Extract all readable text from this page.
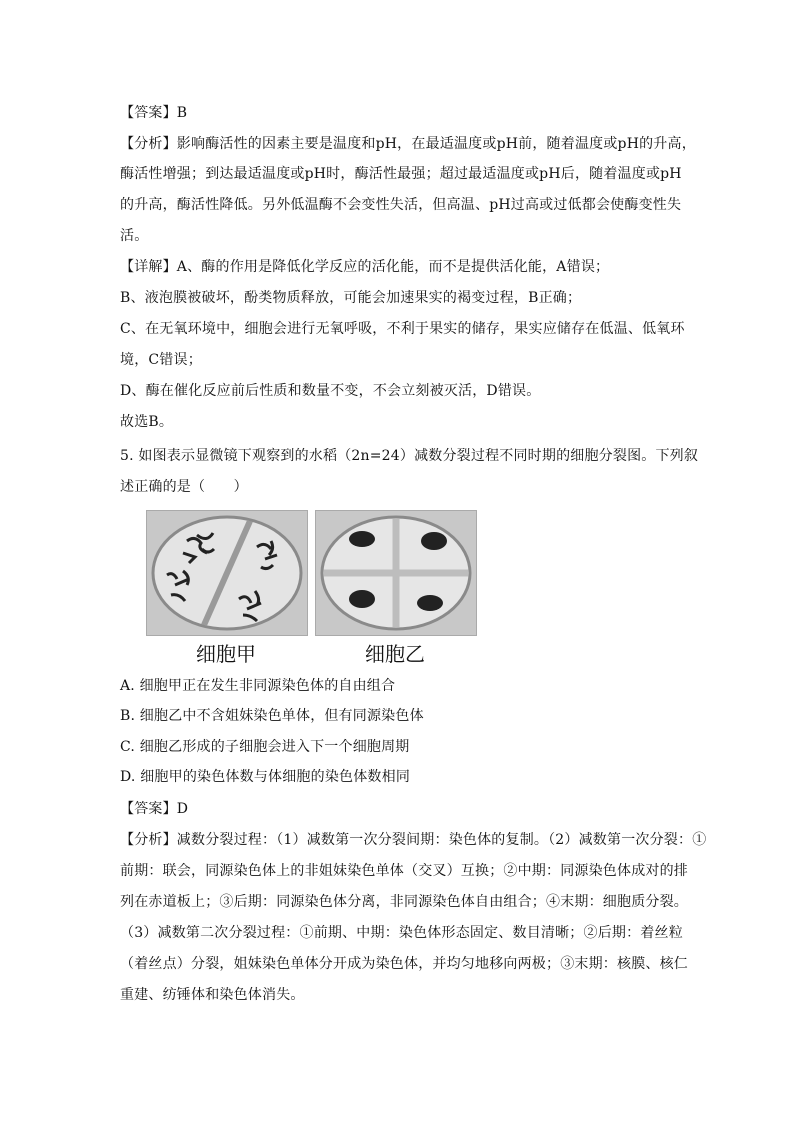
【答案】B
【分析】影响酶活性的因素主要是温度和pH，在最适温度或pH前，随着温度或pH的升高，
酶活性增强；到达最适温度或pH时，酶活性最强；超过最适温度或pH后，随着温度或pH
的升高，酶活性降低。另外低温酶不会变性失活，但高温、pH过高或过低都会使酶变性失
活。
【详解】A、酶的作用是降低化学反应的活化能，而不是提供活化能，A错误；
B、液泡膜被破坏，酚类物质释放，可能会加速果实的褐变过程，B正确；
C、在无氧环境中，细胞会进行无氧呼吸，不利于果实的储存，果实应储存在低温、低氧环
境，C错误；
D、酶在催化反应前后性质和数量不变，不会立刻被灭活，D错误。
故选B。
5. 如图表示显微镜下观察到的水稻（2n=24）减数分裂过程不同时期的细胞分裂图。下列叙
述正确的是（　　）
细胞甲	细胞乙
A. 细胞甲正在发生非同源染色体的自由组合
B. 细胞乙中不含姐妹染色单体，但有同源染色体
C. 细胞乙形成的子细胞会进入下一个细胞周期
D. 细胞甲的染色体数与体细胞的染色体数相同
【答案】D
【分析】减数分裂过程：（1）减数第一次分裂间期：染色体的复制。（2）减数第一次分裂：①
前期：联会，同源染色体上的非姐妹染色单体（交叉）互换；②中期：同源染色体成对的排
列在赤道板上；③后期：同源染色体分离，非同源染色体自由组合；④末期：细胞质分裂。
（3）减数第二次分裂过程：①前期、中期：染色体形态固定、数目清晰；②后期：着丝粒
（着丝点）分裂，姐妹染色单体分开成为染色体，并均匀地移向两极；③末期：核膜、核仁
重建、纺锤体和染色体消失。
